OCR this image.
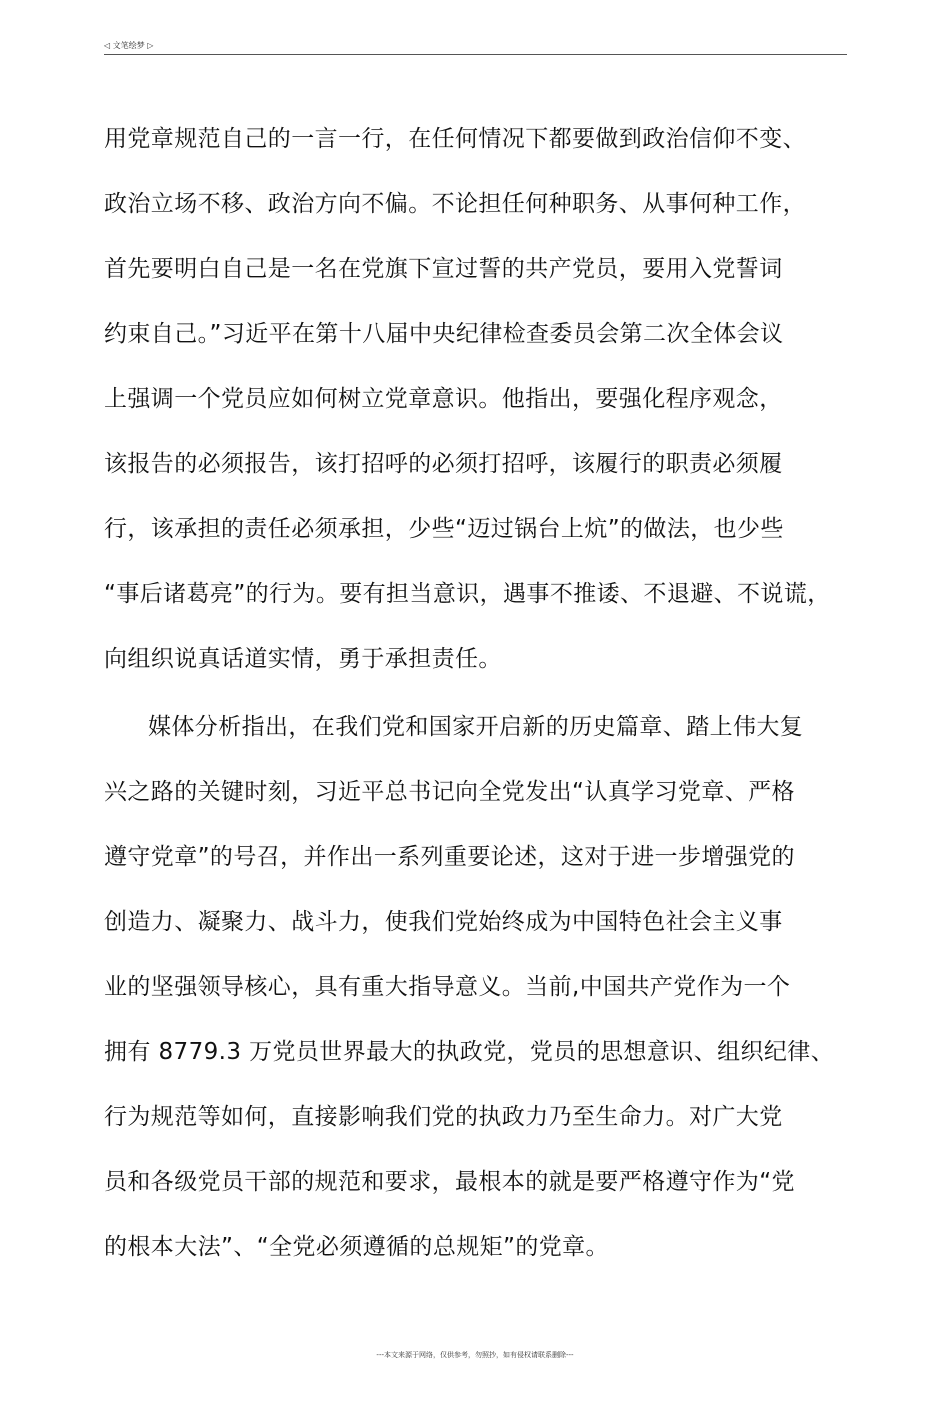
◁ 文笔绘梦 ▷
用党章规范自己的一言一行，在任何情况下都要做到政治信仰不变、
政治立场不移、政治方向不偏。不论担任何种职务、从事何种工作，
首先要明白自己是一名在党旗下宣过誓的共产党员，要用入党誓词
约束自己。”习近平在第十八届中央纪律检查委员会第二次全体会议
上强调一个党员应如何树立党章意识。他指出，要强化程序观念，
该报告的必须报告，该打招呼的必须打招呼，该履行的职责必须履
行，该承担的责任必须承担，少些“迈过锅台上炕”的做法，也少些
“事后诸葛亮”的行为。要有担当意识，遇事不推诿、不退避、不说谎，
向组织说真话道实情，勇于承担责任。
媒体分析指出，在我们党和国家开启新的历史篇章、踏上伟大复
兴之路的关键时刻，习近平总书记向全党发出“认真学习党章、严格
遵守党章”的号召，并作出一系列重要论述，这对于进一步增强党的
创造力、凝聚力、战斗力，使我们党始终成为中国特色社会主义事
业的坚强领导核心，具有重大指导意义。当前,中国共产党作为一个
拥有 8779.3 万党员世界最大的执政党，党员的思想意识、组织纪律、
行为规范等如何，直接影响我们党的执政力乃至生命力。对广大党
员和各级党员干部的规范和要求，最根本的就是要严格遵守作为“党
的根本大法”、“全党必须遵循的总规矩”的党章。
---本文来源于网络，仅供参考，勿照抄，如有侵权请联系删除---
